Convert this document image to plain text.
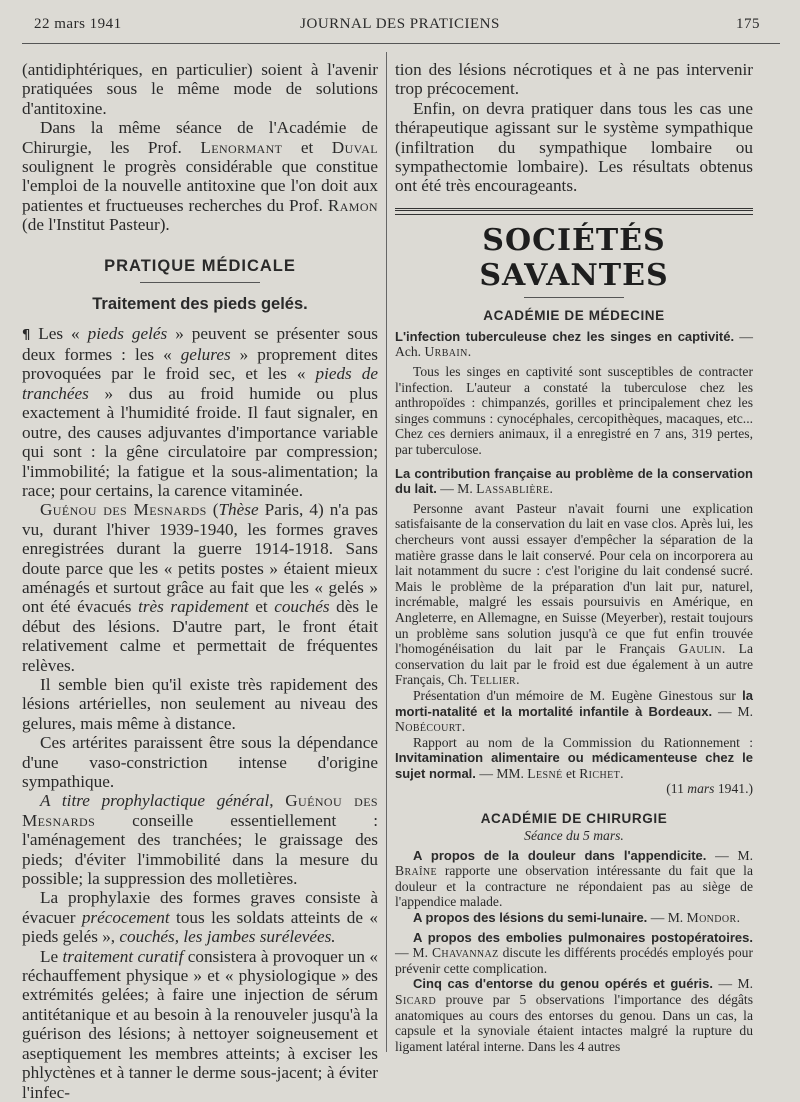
22 mars 1941	JOURNAL DES PRATICIENS	175

(antidiphtériques, en particulier) soient à l'avenir pratiquées sous le même mode de solutions d'antitoxine.

Dans la même séance de l'Académie de Chirurgie, les Prof. Lenormant et Duval soulignent le progrès considérable que constitue l'emploi de la nouvelle antitoxine que l'on doit aux patientes et fructueuses recherches du Prof. Ramon (de l'Institut Pasteur).

PRATIQUE MÉDICALE
Traitement des pieds gelés.

¶ Les « pieds gelés » peuvent se présenter sous deux formes : les « gelures » proprement dites provoquées par le froid sec, et les « pieds de tranchées » dus au froid humide ou plus exactement à l'humidité froide. Il faut signaler, en outre, des causes adjuvantes d'importance variable qui sont : la gêne circulatoire par compression; l'immobilité; la fatigue et la sous-alimentation; la race; pour certains, la carence vitaminée.

Guénou des Mesnards (Thèse Paris, 4) n'a pas vu, durant l'hiver 1939-1940, les formes graves enregistrées durant la guerre 1914-1918. Sans doute parce que les « petits postes » étaient mieux aménagés et surtout grâce au fait que les « gelés » ont été évacués très rapidement et couchés dès le début des lésions. D'autre part, le front était relativement calme et permettait de fréquentes relèves.

Il semble bien qu'il existe très rapidement des lésions artérielles, non seulement au niveau des gelures, mais même à distance.

Ces artérites paraissent être sous la dépendance d'une vaso-constriction intense d'origine sympathique.

A titre prophylactique général, Guénou des Mesnards conseille essentiellement : l'aménagement des tranchées; le graissage des pieds; d'éviter l'immobilité dans la mesure du possible; la suppression des molletières.

La prophylaxie des formes graves consiste à évacuer précocement tous les soldats atteints de « pieds gelés », couchés, les jambes surélevées.

Le traitement curatif consistera à provoquer un « réchauffement physique » et « physiologique » des extrémités gelées; à faire une injection de sérum antitétanique et au besoin à la renouveler jusqu'à la guérison des lésions; à nettoyer soigneusement et aseptiquement les membres atteints; à exciser les phlyctènes et à tanner le derme sous-jacent; à éviter l'infec-

tion des lésions nécrotiques et à ne pas intervenir trop précocement.

Enfin, on devra pratiquer dans tous les cas une thérapeutique agissant sur le système sympathique (infiltration du sympathique lombaire ou sympathectomie lombaire). Les résultats obtenus ont été très encourageants.

SOCIÉTÉS SAVANTES
ACADÉMIE DE MÉDECINE

L'infection tuberculeuse chez les singes en captivité. — Ach. Urbain.

Tous les singes en captivité sont susceptibles de contracter l'infection. L'auteur a constaté la tuberculose chez les anthropoïdes : chimpanzés, gorilles et principalement chez les singes communs : cynocéphales, cercopithèques, macaques, etc... Chez ces derniers animaux, il a enregistré en 7 ans, 319 pertes, par tuberculose.

La contribution française au problème de la conservation du lait. — M. Lassablière.

Personne avant Pasteur n'avait fourni une explication satisfaisante de la conservation du lait en vase clos. Après lui, les chercheurs vont aussi essayer d'empêcher la séparation de la matière grasse dans le lait conservé. Pour cela on incorporera au lait notamment du sucre : c'est l'origine du lait condensé sucré. Mais le problème de la préparation d'un lait pur, naturel, incrémable, malgré les essais poursuivis en Amérique, en Angleterre, en Allemagne, en Suisse (Meyerber), restait toujours un problème sans solution jusqu'à ce que fut enfin trouvée l'homogénéisation du lait par le Français Gaulin. La conservation du lait par le froid est due également à un autre Français, Ch. Tellier.

Présentation d'un mémoire de M. Eugène Ginestous sur la morti-natalité et la mortalité infantile à Bordeaux. — M. Nobécourt.

Rapport au nom de la Commission du Rationnement : Invitamination alimentaire ou médicamenteuse chez le sujet normal. — MM. Lesné et Richet.

(11 mars 1941.)

ACADÉMIE DE CHIRURGIE

Séance du 5 mars.

A propos de la douleur dans l'appendicite. — M. Braîne rapporte une observation intéressante du fait que la douleur et la contracture ne répondaient pas au siège de l'appendice malade.

A propos des lésions du semi-lunaire. — M. Mondor.

A propos des embolies pulmonaires postopératoires. — M. Chavannaz discute les différents procédés employés pour prévenir cette complication.

Cinq cas d'entorse du genou opérés et guéris. — M. Sicard prouve par 5 observations l'importance des dégâts anatomiques au cours des entorses du genou. Dans un cas, la capsule et la synoviale étaient intactes malgré la rupture du ligament latéral interne. Dans les 4 autres
